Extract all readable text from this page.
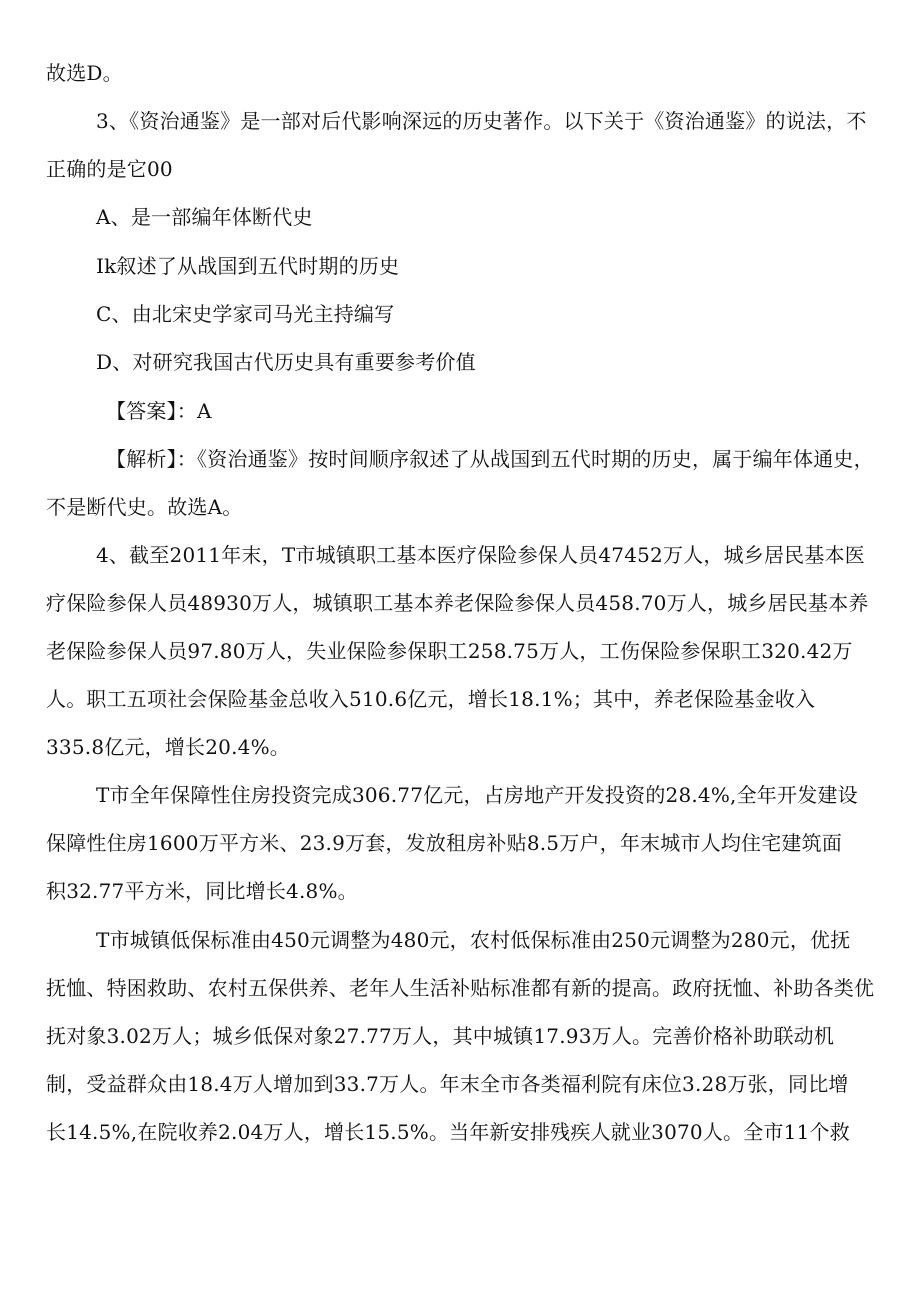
故选D。
3、《资治通鉴》是一部对后代影响深远的历史著作。以下关于《资治通鉴》的说法，不
正确的是它00
A、是一部编年体断代史
Ik叙述了从战国到五代时期的历史
C、由北宋史学家司马光主持编写
D、对研究我国古代历史具有重要参考价值
【答案】：A
【解析】：《资治通鉴》按时间顺序叙述了从战国到五代时期的历史，属于编年体通史，
不是断代史。故选A。
4、截至2011年末，T市城镇职工基本医疗保险参保人员47452万人，城乡居民基本医
疗保险参保人员48930万人，城镇职工基本养老保险参保人员458.70万人，城乡居民基本养
老保险参保人员97.80万人，失业保险参保职工258.75万人，工伤保险参保职工320.42万
人。职工五项社会保险基金总收入510.6亿元，增长18.1%；其中，养老保险基金收入
335.8亿元，增长20.4%。
T市全年保障性住房投资完成306.77亿元，占房地产开发投资的28.4%,全年开发建设
保障性住房1600万平方米、23.9万套，发放租房补贴8.5万户，年末城市人均住宅建筑面
积32.77平方米，同比增长4.8%。
T市城镇低保标准由450元调整为480元，农村低保标准由250元调整为280元，优抚
抚恤、特困救助、农村五保供养、老年人生活补贴标准都有新的提高。政府抚恤、补助各类优
抚对象3.02万人；城乡低保对象27.77万人，其中城镇17.93万人。完善价格补助联动机
制，受益群众由18.4万人增加到33.7万人。年末全市各类福利院有床位3.28万张，同比增
长14.5%,在院收养2.04万人，增长15.5%。当年新安排残疾人就业3070人。全市11个救
